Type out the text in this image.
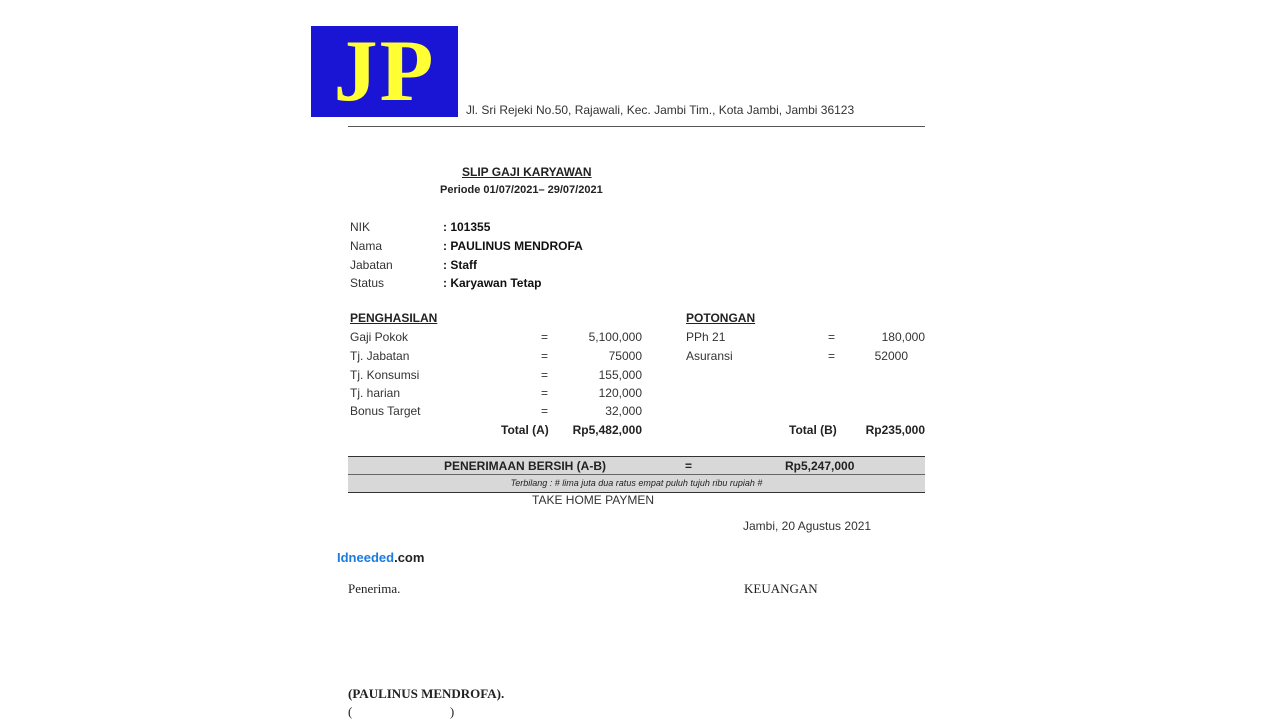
JP	Jl. Sri Rejeki No.50, Rajawali, Kec. Jambi Tim., Kota Jambi, Jambi 36123
SLIP GAJI KARYAWAN
Periode 01/07/2021– 29/07/2021
NIK	: 101355
Nama	: PAULINUS MENDROFA
Jabatan	: Staff
Status	: Karyawan Tetap
PENGHASILAN
Gaji Pokok	=	5,100,000
Tj. Jabatan	=	75000
Tj. Konsumsi	=	155,000
Tj. harian	=	120,000
Bonus Target	=	32,000
Total (A)	Rp5,482,000
POTONGAN
PPh 21	=	180,000
Asuransi	=	52000
Total (B)	Rp235,000
PENERIMAAN BERSIH (A-B)	=	Rp5,247,000
Terbilang : # lima juta dua ratus empat puluh tujuh ribu rupiah #
TAKE HOME PAYMEN
Jambi, 20 Agustus 2021
Idneeded.com
Penerima.	KEUANGAN
(PAULINUS MENDROFA).
(                              )
